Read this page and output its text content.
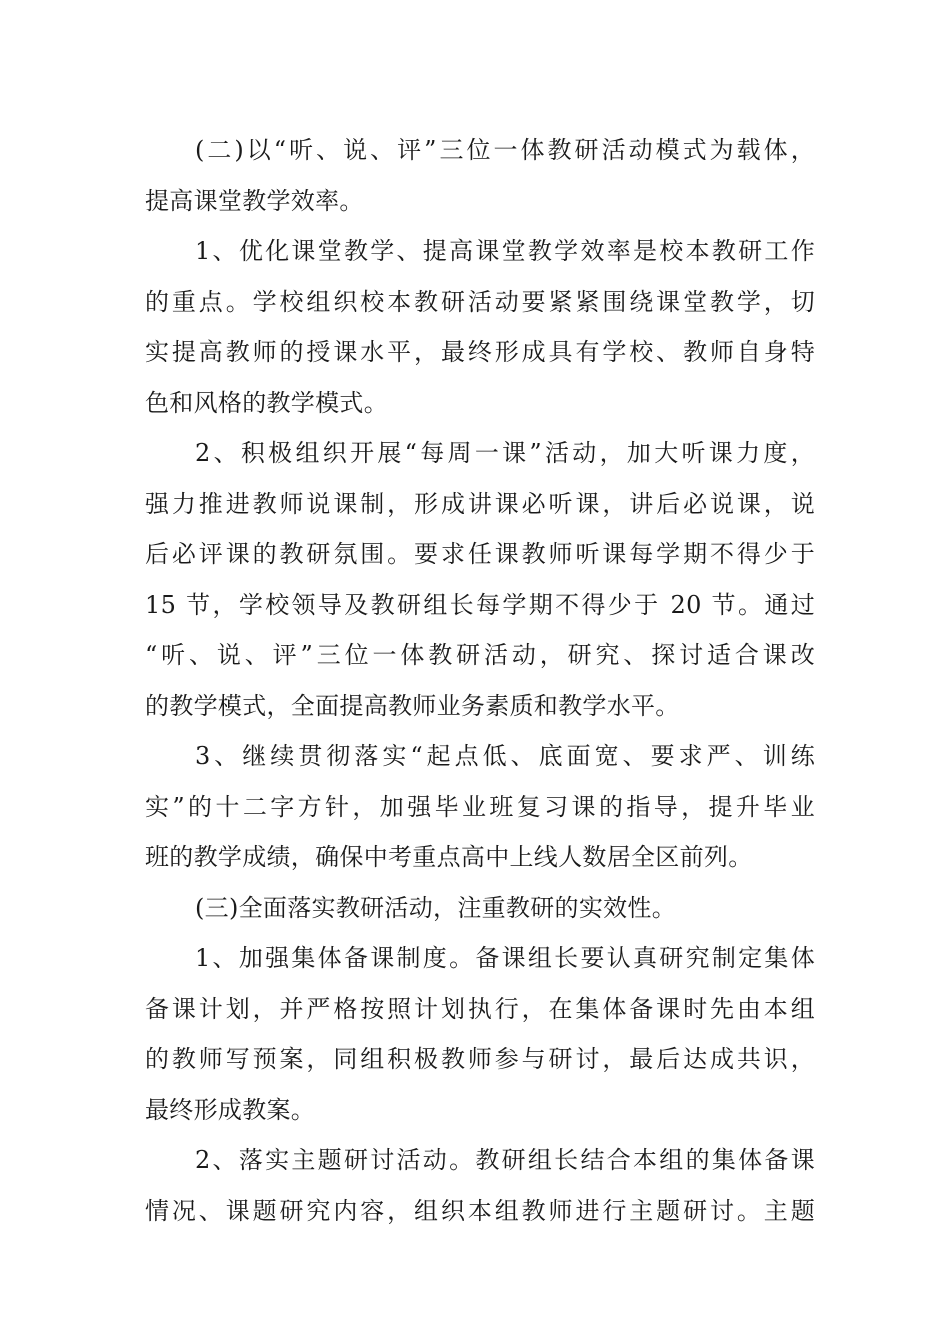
(二)以“听、说、评”三位一体教研活动模式为载体，
提高课堂教学效率。
1、优化课堂教学、提高课堂教学效率是校本教研工作
的重点。学校组织校本教研活动要紧紧围绕课堂教学，切
实提高教师的授课水平，最终形成具有学校、教师自身特
色和风格的教学模式。
2、积极组织开展“每周一课”活动，加大听课力度，
强力推进教师说课制，形成讲课必听课，讲后必说课，说
后必评课的教研氛围。要求任课教师听课每学期不得少于
15 节，学校领导及教研组长每学期不得少于 20 节。通过
“听、说、评”三位一体教研活动，研究、探讨适合课改
的教学模式，全面提高教师业务素质和教学水平。
3、继续贯彻落实“起点低、底面宽、要求严、训练
实”的十二字方针，加强毕业班复习课的指导，提升毕业
班的教学成绩，确保中考重点高中上线人数居全区前列。
(三)全面落实教研活动，注重教研的实效性。
1、加强集体备课制度。备课组长要认真研究制定集体
备课计划，并严格按照计划执行，在集体备课时先由本组
的教师写预案，同组积极教师参与研讨，最后达成共识，
最终形成教案。
2、落实主题研讨活动。教研组长结合本组的集体备课
情况、课题研究内容，组织本组教师进行主题研讨。主题
